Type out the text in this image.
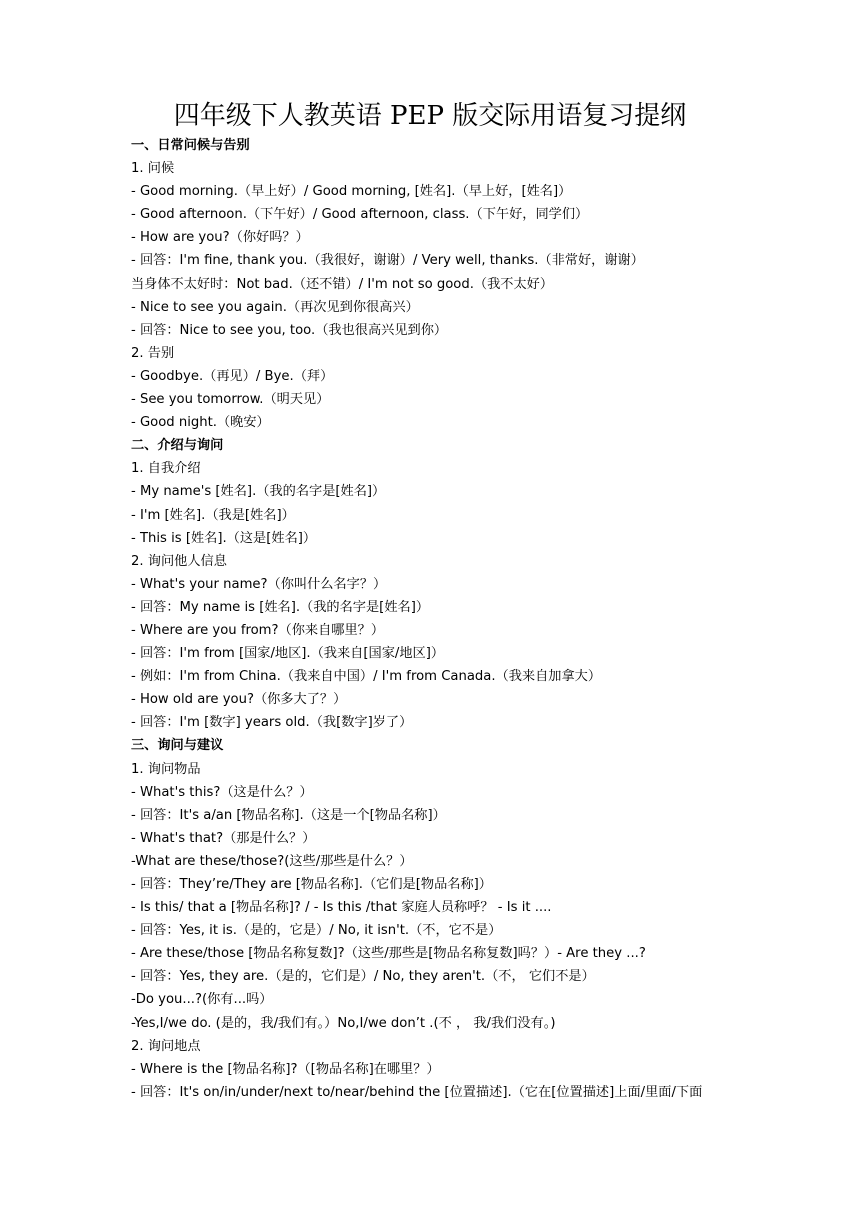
四年级下人教英语 PEP 版交际用语复习提纲
一、日常问候与告别
1. 问候
- Good morning.（早上好）/ Good morning, [姓名].（早上好，[姓名]）
- Good afternoon.（下午好）/ Good afternoon, class.（下午好，同学们）
- How are you?（你好吗？）
- 回答：I'm fine, thank you.（我很好，谢谢）/ Very well, thanks.（非常好，谢谢）
当身体不太好时：Not bad.（还不错）/ I'm not so good.（我不太好）
- Nice to see you again.（再次见到你很高兴）
- 回答：Nice to see you, too.（我也很高兴见到你）
2. 告别
- Goodbye.（再见）/ Bye.（拜）
- See you tomorrow.（明天见）
- Good night.（晚安）
二、介绍与询问
1. 自我介绍
- My name's [姓名].（我的名字是[姓名]）
- I'm [姓名].（我是[姓名]）
- This is [姓名].（这是[姓名]）
2. 询问他人信息
- What's your name?（你叫什么名字？）
- 回答：My name is [姓名].（我的名字是[姓名]）
- Where are you from?（你来自哪里？）
- 回答：I'm from [国家/地区].（我来自[国家/地区]）
- 例如：I'm from China.（我来自中国）/ I'm from Canada.（我来自加拿大）
- How old are you?（你多大了？）
- 回答：I'm [数字] years old.（我[数字]岁了）
三、询问与建议
1. 询问物品
- What's this?（这是什么？）
- 回答：It's a/an [物品名称].（这是一个[物品名称]）
- What's that?（那是什么？）
-What are these/those?(这些/那些是什么？）
- 回答：They’re/They are [物品名称].（它们是[物品名称]）
- Is this/ that a [物品名称]? / - Is this /that 家庭人员称呼？ - Is it ....
- 回答：Yes, it is.（是的，它是）/ No, it isn't.（不，它不是）
- Are these/those [物品名称复数]?（这些/那些是[物品名称复数]吗？）- Are they ...?
- 回答：Yes, they are.（是的，它们是）/ No, they aren't.（不， 它们不是）
-Do you...?(你有...吗）
-Yes,I/we do. (是的，我/我们有。）No,I/we don’t .(不 ， 我/我们没有。)
2. 询问地点
- Where is the [物品名称]?（[物品名称]在哪里？）
- 回答：It's on/in/under/next to/near/behind the [位置描述].（它在[位置描述]上面/里面/下面
